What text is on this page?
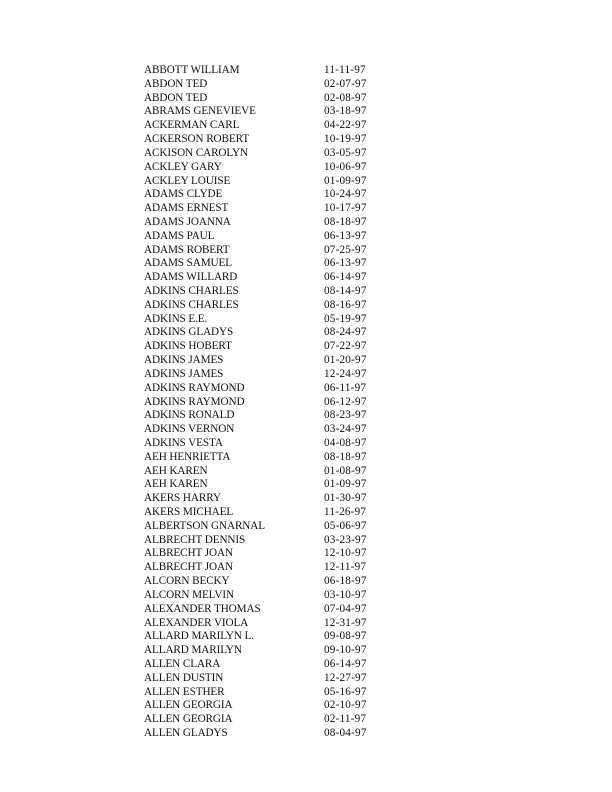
ABBOTT WILLIAM	11-11-97
ABDON TED	02-07-97
ABDON TED	02-08-97
ABRAMS GENEVIEVE	03-18-97
ACKERMAN CARL	04-22-97
ACKERSON ROBERT	10-19-97
ACKISON CAROLYN	03-05-97
ACKLEY GARY	10-06-97
ACKLEY LOUISE	01-09-97
ADAMS CLYDE	10-24-97
ADAMS ERNEST	10-17-97
ADAMS JOANNA	08-18-97
ADAMS PAUL	06-13-97
ADAMS ROBERT	07-25-97
ADAMS SAMUEL	06-13-97
ADAMS WILLARD	06-14-97
ADKINS CHARLES	08-14-97
ADKINS CHARLES	08-16-97
ADKINS E.E.	05-19-97
ADKINS GLADYS	08-24-97
ADKINS HOBERT	07-22-97
ADKINS JAMES	01-20-97
ADKINS JAMES	12-24-97
ADKINS RAYMOND	06-11-97
ADKINS RAYMOND	06-12-97
ADKINS RONALD	08-23-97
ADKINS VERNON	03-24-97
ADKINS VESTA	04-08-97
AEH HENRIETTA	08-18-97
AEH KAREN	01-08-97
AEH KAREN	01-09-97
AKERS HARRY	01-30-97
AKERS MICHAEL	11-26-97
ALBERTSON GNARNAL	05-06-97
ALBRECHT DENNIS	03-23-97
ALBRECHT JOAN	12-10-97
ALBRECHT JOAN	12-11-97
ALCORN BECKY	06-18-97
ALCORN MELVIN	03-10-97
ALEXANDER THOMAS	07-04-97
ALEXANDER VIOLA	12-31-97
ALLARD MARILYN L.	09-08-97
ALLARD MARILYN	09-10-97
ALLEN CLARA	06-14-97
ALLEN DUSTIN	12-27-97
ALLEN ESTHER	05-16-97
ALLEN GEORGIA	02-10-97
ALLEN GEORGIA	02-11-97
ALLEN GLADYS	08-04-97
